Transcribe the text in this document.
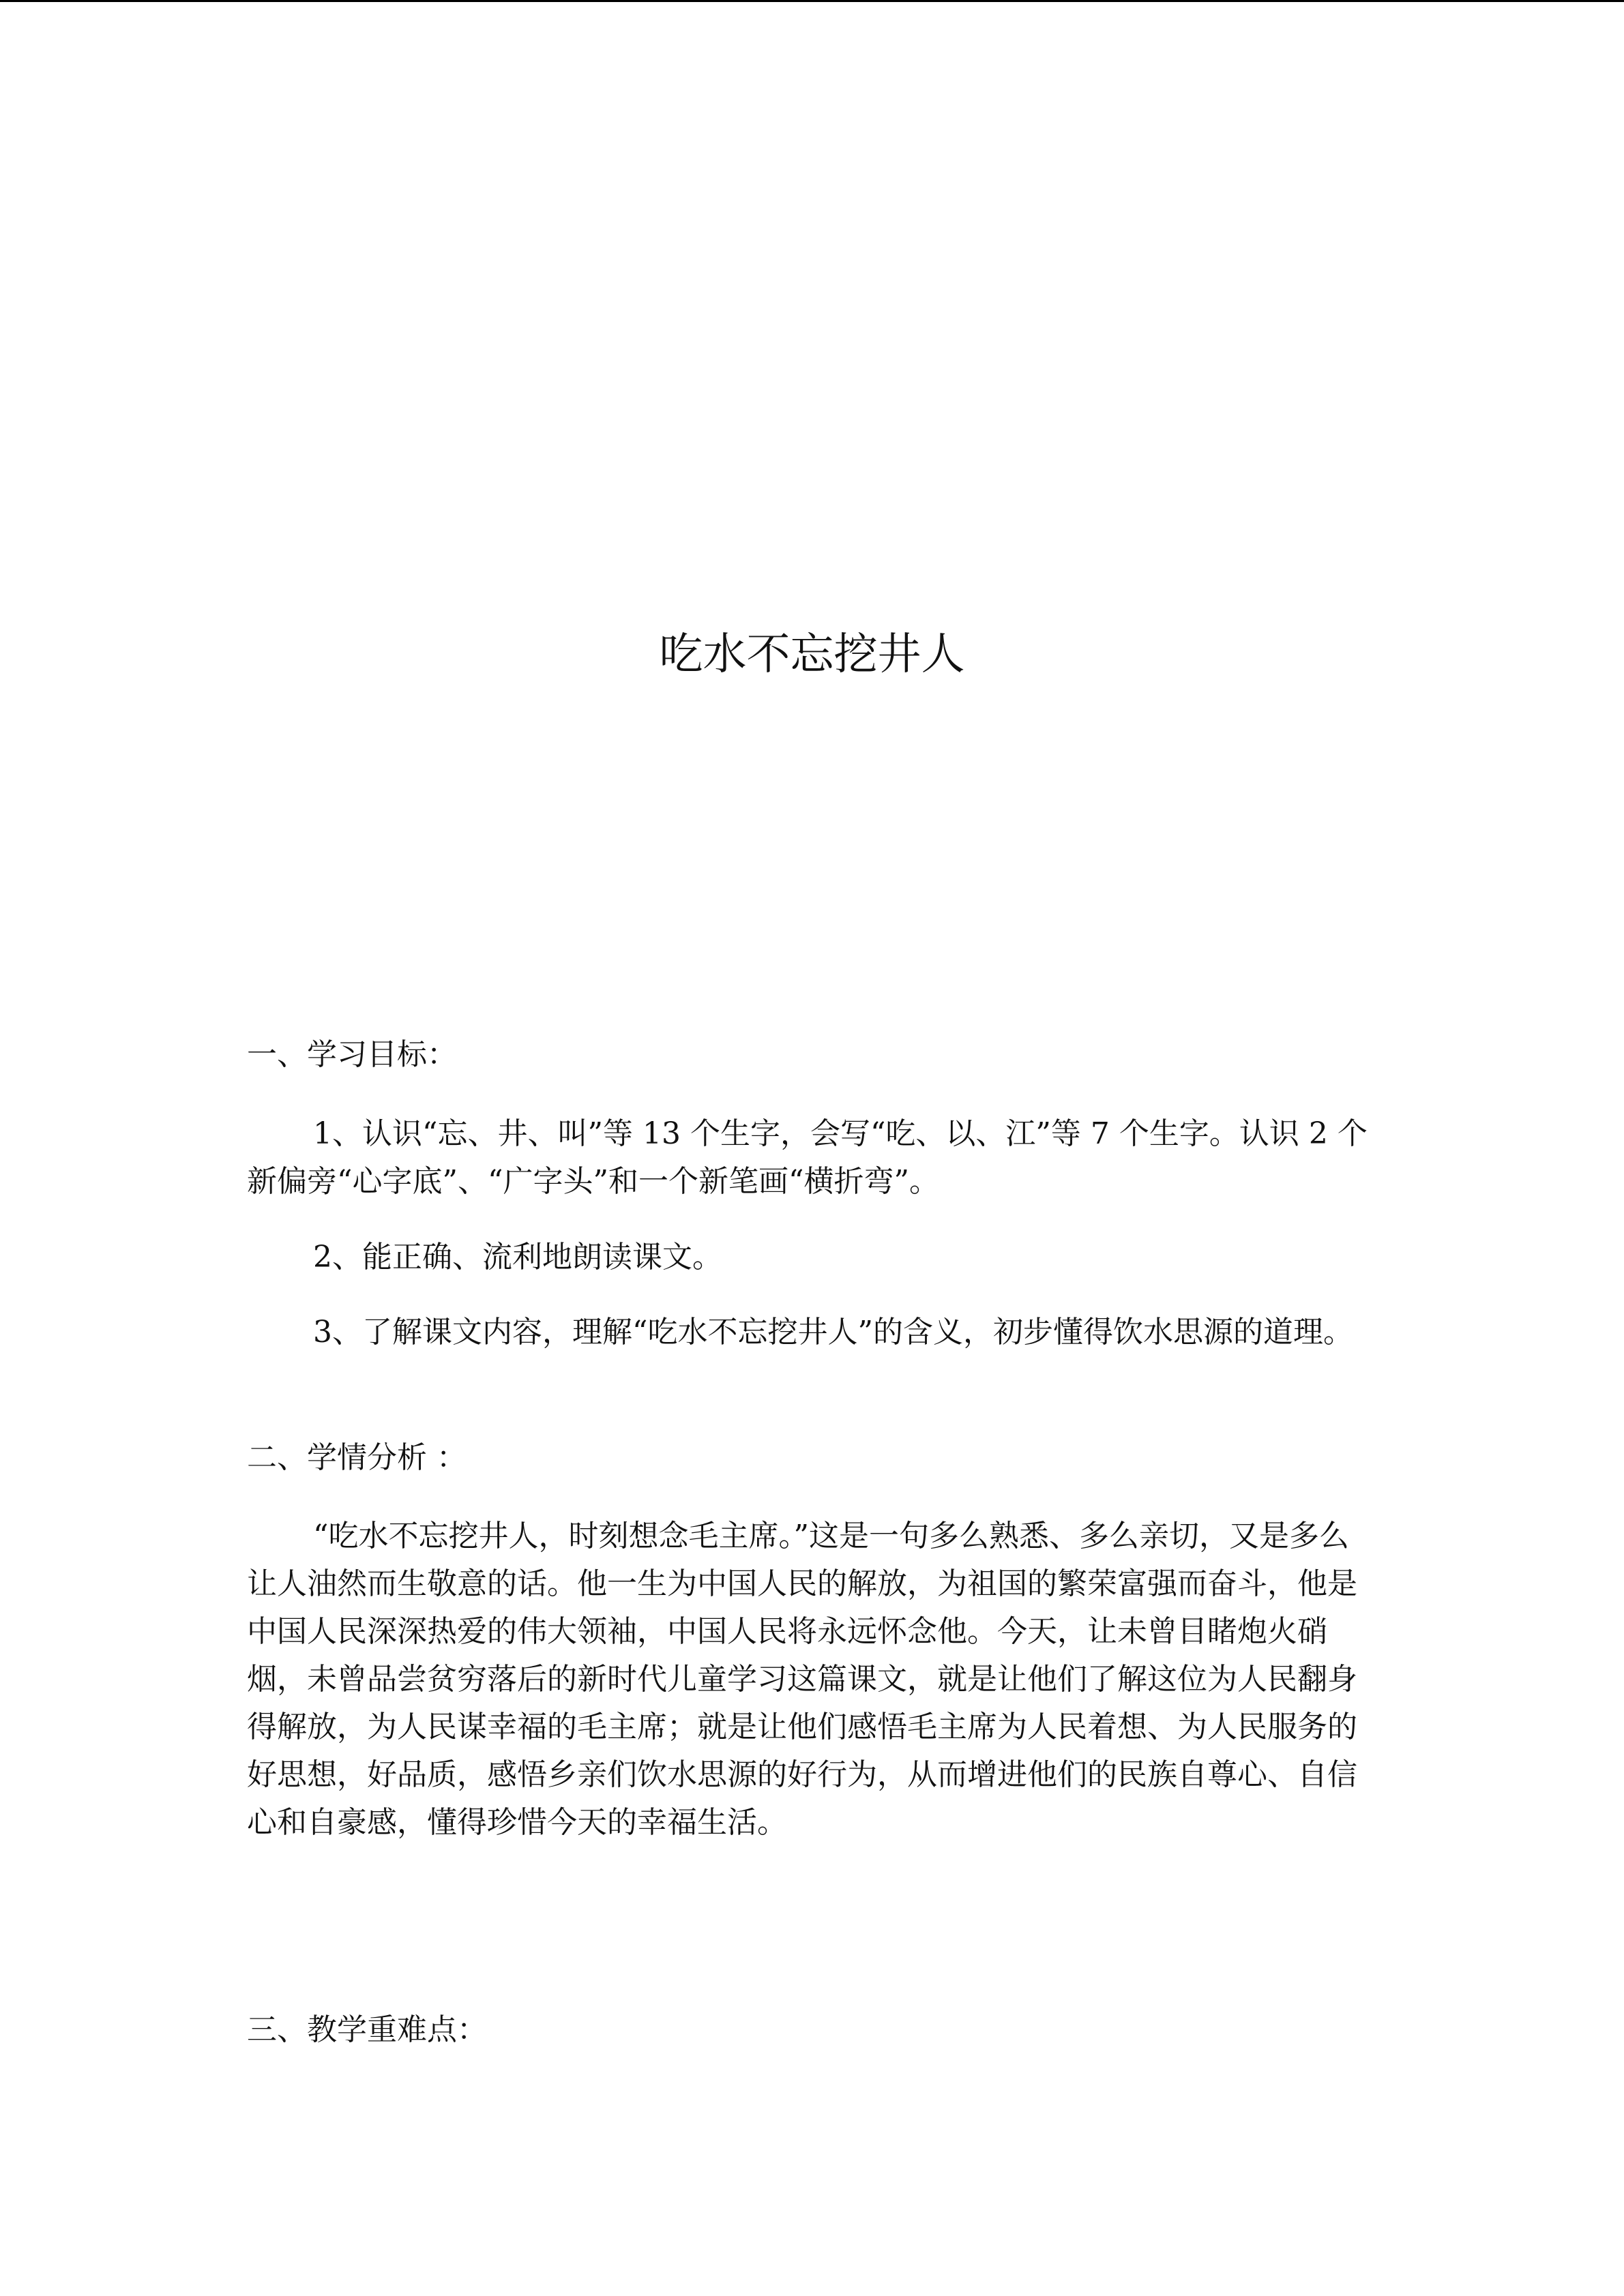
吃水不忘挖井人

一、学习目标：

1、认识“忘、井、叫”等 13 个生字，会写“吃、以、江”等 7 个生字。认识 2 个新偏旁“心字底”、“广字头”和一个新笔画“横折弯”。

2、能正确、流利地朗读课文。

3、了解课文内容，理解“吃水不忘挖井人”的含义，初步懂得饮水思源的道理。

二、学情分析 ：

“吃水不忘挖井人，时刻想念毛主席。”这是一句多么熟悉、多么亲切，又是多么让人油然而生敬意的话。他一生为中国人民的解放，为祖国的繁荣富强而奋斗，他是中国人民深深热爱的伟大领袖，中国人民将永远怀念他。今天，让未曾目睹炮火硝烟，未曾品尝贫穷落后的新时代儿童学习这篇课文，就是让他们了解这位为人民翻身得解放，为人民谋幸福的毛主席；就是让他们感悟毛主席为人民着想、为人民服务的好思想，好品质，感悟乡亲们饮水思源的好行为，从而增进他们的民族自尊心、自信心和自豪感，懂得珍惜今天的幸福生活。

三、教学重难点：
